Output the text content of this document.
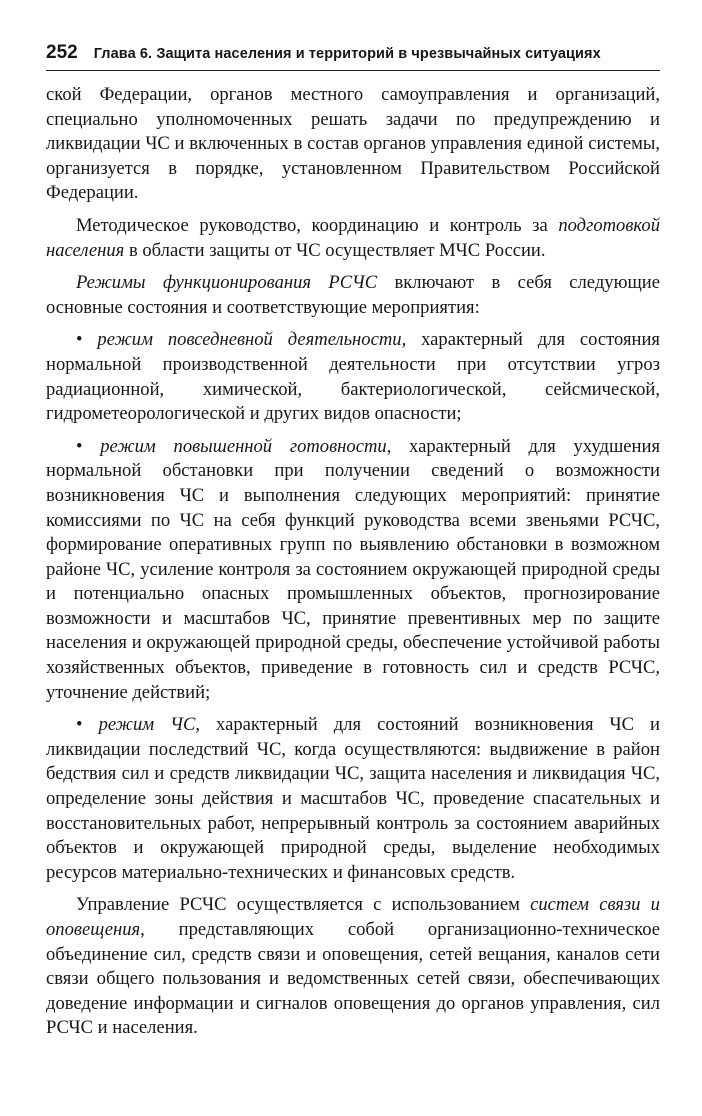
252 Глава 6. Защита населения и территорий в чрезвычайных ситуациях

ской Федерации, органов местного самоуправления и организаций, специально уполномоченных решать задачи по предупреждению и ликвидации ЧС и включенных в состав органов управления единой системы, организуется в порядке, установленном Правительством Российской Федерации.

Методическое руководство, координацию и контроль за подготовкой населения в области защиты от ЧС осуществляет МЧС России.

Режимы функционирования РСЧС включают в себя следующие основные состояния и соответствующие мероприятия:

• режим повседневной деятельности, характерный для состояния нормальной производственной деятельности при отсутствии угроз радиационной, химической, бактериологической, сейсмической, гидрометеорологической и других видов опасности;

• режим повышенной готовности, характерный для ухудшения нормальной обстановки при получении сведений о возможности возникновения ЧС и выполнения следующих мероприятий: принятие комиссиями по ЧС на себя функций руководства всеми звеньями РСЧС, формирование оперативных групп по выявлению обстановки в возможном районе ЧС, усиление контроля за состоянием окружающей природной среды и потенциально опасных промышленных объектов, прогнозирование возможности и масштабов ЧС, принятие превентивных мер по защите населения и окружающей природной среды, обеспечение устойчивой работы хозяйственных объектов, приведение в готовность сил и средств РСЧС, уточнение действий;

• режим ЧС, характерный для состояний возникновения ЧС и ликвидации последствий ЧС, когда осуществляются: выдвижение в район бедствия сил и средств ликвидации ЧС, защита населения и ликвидация ЧС, определение зоны действия и масштабов ЧС, проведение спасательных и восстановительных работ, непрерывный контроль за состоянием аварийных объектов и окружающей природной среды, выделение необходимых ресурсов материально-технических и финансовых средств.

Управление РСЧС осуществляется с использованием систем связи и оповещения, представляющих собой организационно-техническое объединение сил, средств связи и оповещения, сетей вещания, каналов сети связи общего пользования и ведомственных сетей связи, обеспечивающих доведение информации и сигналов оповещения до органов управления, сил РСЧС и населения.
